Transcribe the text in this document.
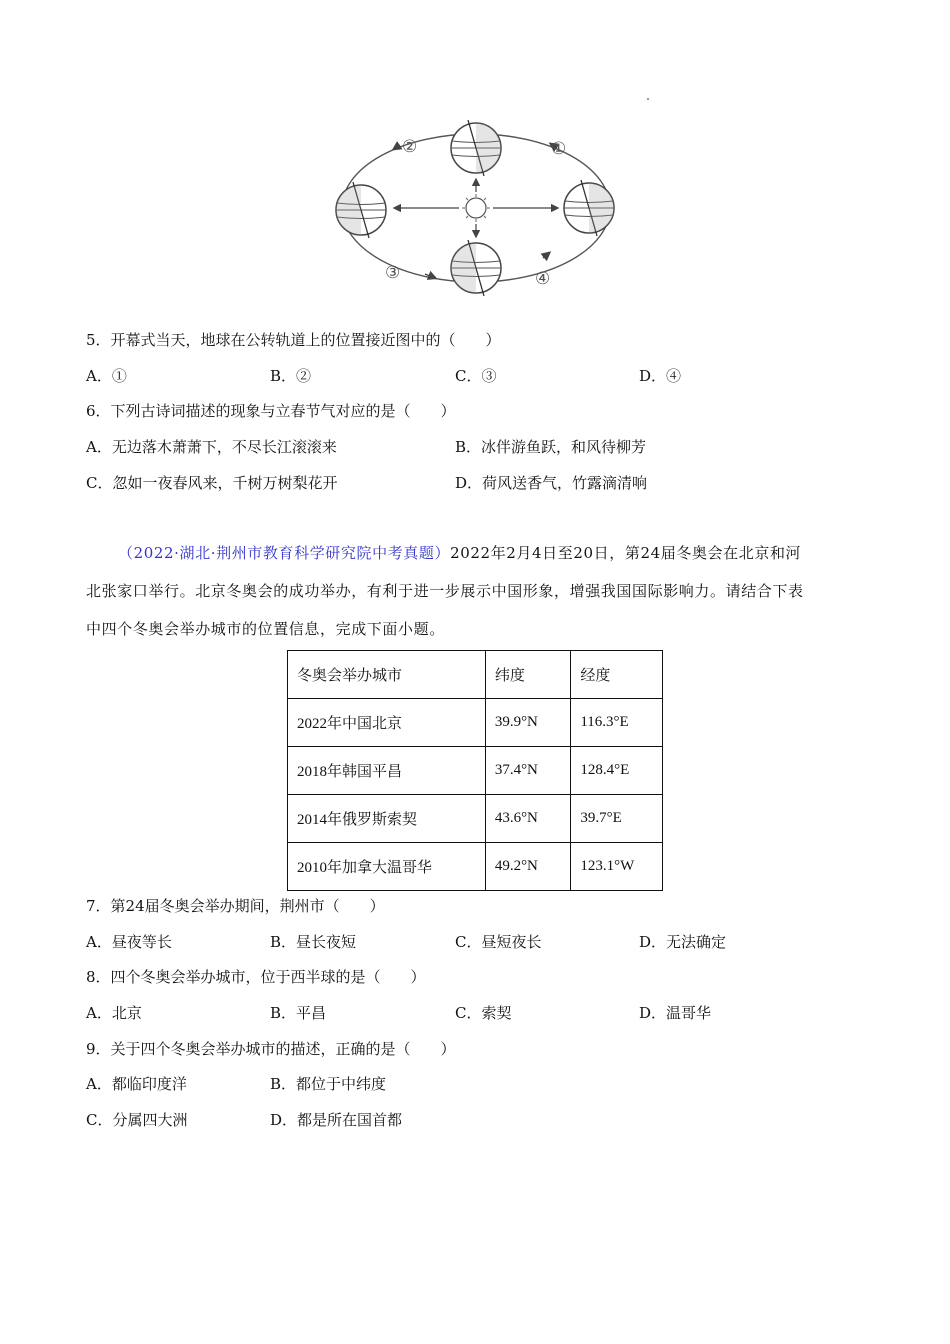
①
②
③	④
5．开幕式当天，地球在公转轨道上的位置接近图中的（　　）
A．①	B．②	C．③	D．④
6．下列古诗词描述的现象与立春节气对应的是（　　）
A．无边落木萧萧下，不尽长江滚滚来	B．冰伴游鱼跃，和风待柳芳
C．忽如一夜春风来，千树万树梨花开	D．荷风送香气，竹露滴清响
（2022·湖北·荆州市教育科学研究院中考真题）2022年2月4日至20日，第24届冬奥会在北京和河
北张家口举行。北京冬奥会的成功举办，有利于进一步展示中国形象，增强我国国际影响力。请结合下表
中四个冬奥会举办城市的位置信息，完成下面小题。
冬奥会举办城市	纬度	经度
2022年中国北京	39.9°N	116.3°E
2018年韩国平昌	37.4°N	128.4°E
2014年俄罗斯索契	43.6°N	39.7°E
2010年加拿大温哥华	49.2°N	123.1°W
7．第24届冬奥会举办期间，荆州市（　　）
A．昼夜等长	B．昼长夜短	C．昼短夜长	D．无法确定
8．四个冬奥会举办城市，位于西半球的是（　　）
A．北京	B．平昌	C．索契	D．温哥华
9．关于四个冬奥会举办城市的描述，正确的是（　　）
A．都临印度洋	B．都位于中纬度
C．分属四大洲	D．都是所在国首都
